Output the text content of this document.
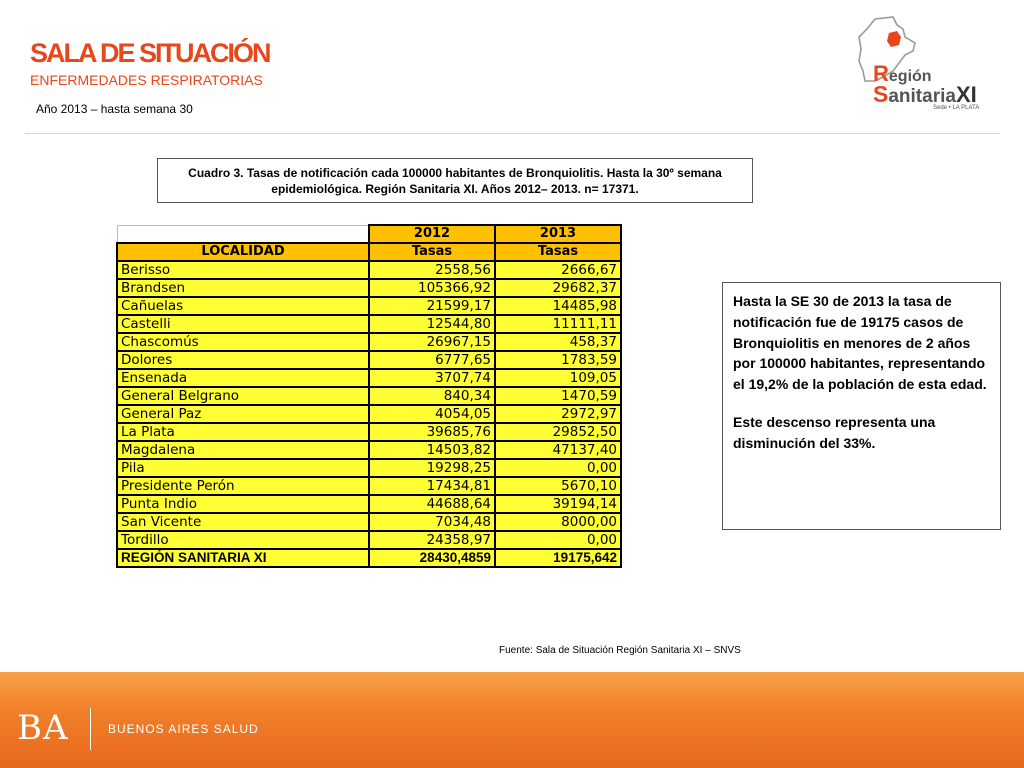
SALA DE SITUACIÓN
ENFERMEDADES RESPIRATORIAS
Año 2013 – hasta semana 30
Región
SanitariaXI
Sede • LA PLATA
Cuadro 3. Tasas de notificación cada 100000 habitantes de Bronquiolitis. Hasta la 30º semana epidemiológica. Región Sanitaria XI. Años 2012– 2013. n= 17371.
	2012	2013
LOCALIDAD	Tasas	Tasas
Berisso	2558,56	2666,67
Brandsen	105366,92	29682,37
Cañuelas	21599,17	14485,98
Castelli	12544,80	11111,11
Chascomús	26967,15	458,37
Dolores	6777,65	1783,59
Ensenada	3707,74	109,05
General Belgrano	840,34	1470,59
General Paz	4054,05	2972,97
La Plata	39685,76	29852,50
Magdalena	14503,82	47137,40
Pila	19298,25	0,00
Presidente Perón	17434,81	5670,10
Punta Indio	44688,64	39194,14
San Vicente	7034,48	8000,00
Tordillo	24358,97	0,00
REGIÓN SANITARIA XI	28430,4859	19175,642

Hasta la SE 30 de 2013 la tasa de notificación fue de 19175 casos de Bronquiolitis en menores de 2 años por 100000 habitantes, representando el 19,2% de la población de esta edad.

Este descenso representa una disminución del 33%.

Fuente: Sala de Situación Región Sanitaria XI – SNVS
BA	BUENOS AIRES SALUD
